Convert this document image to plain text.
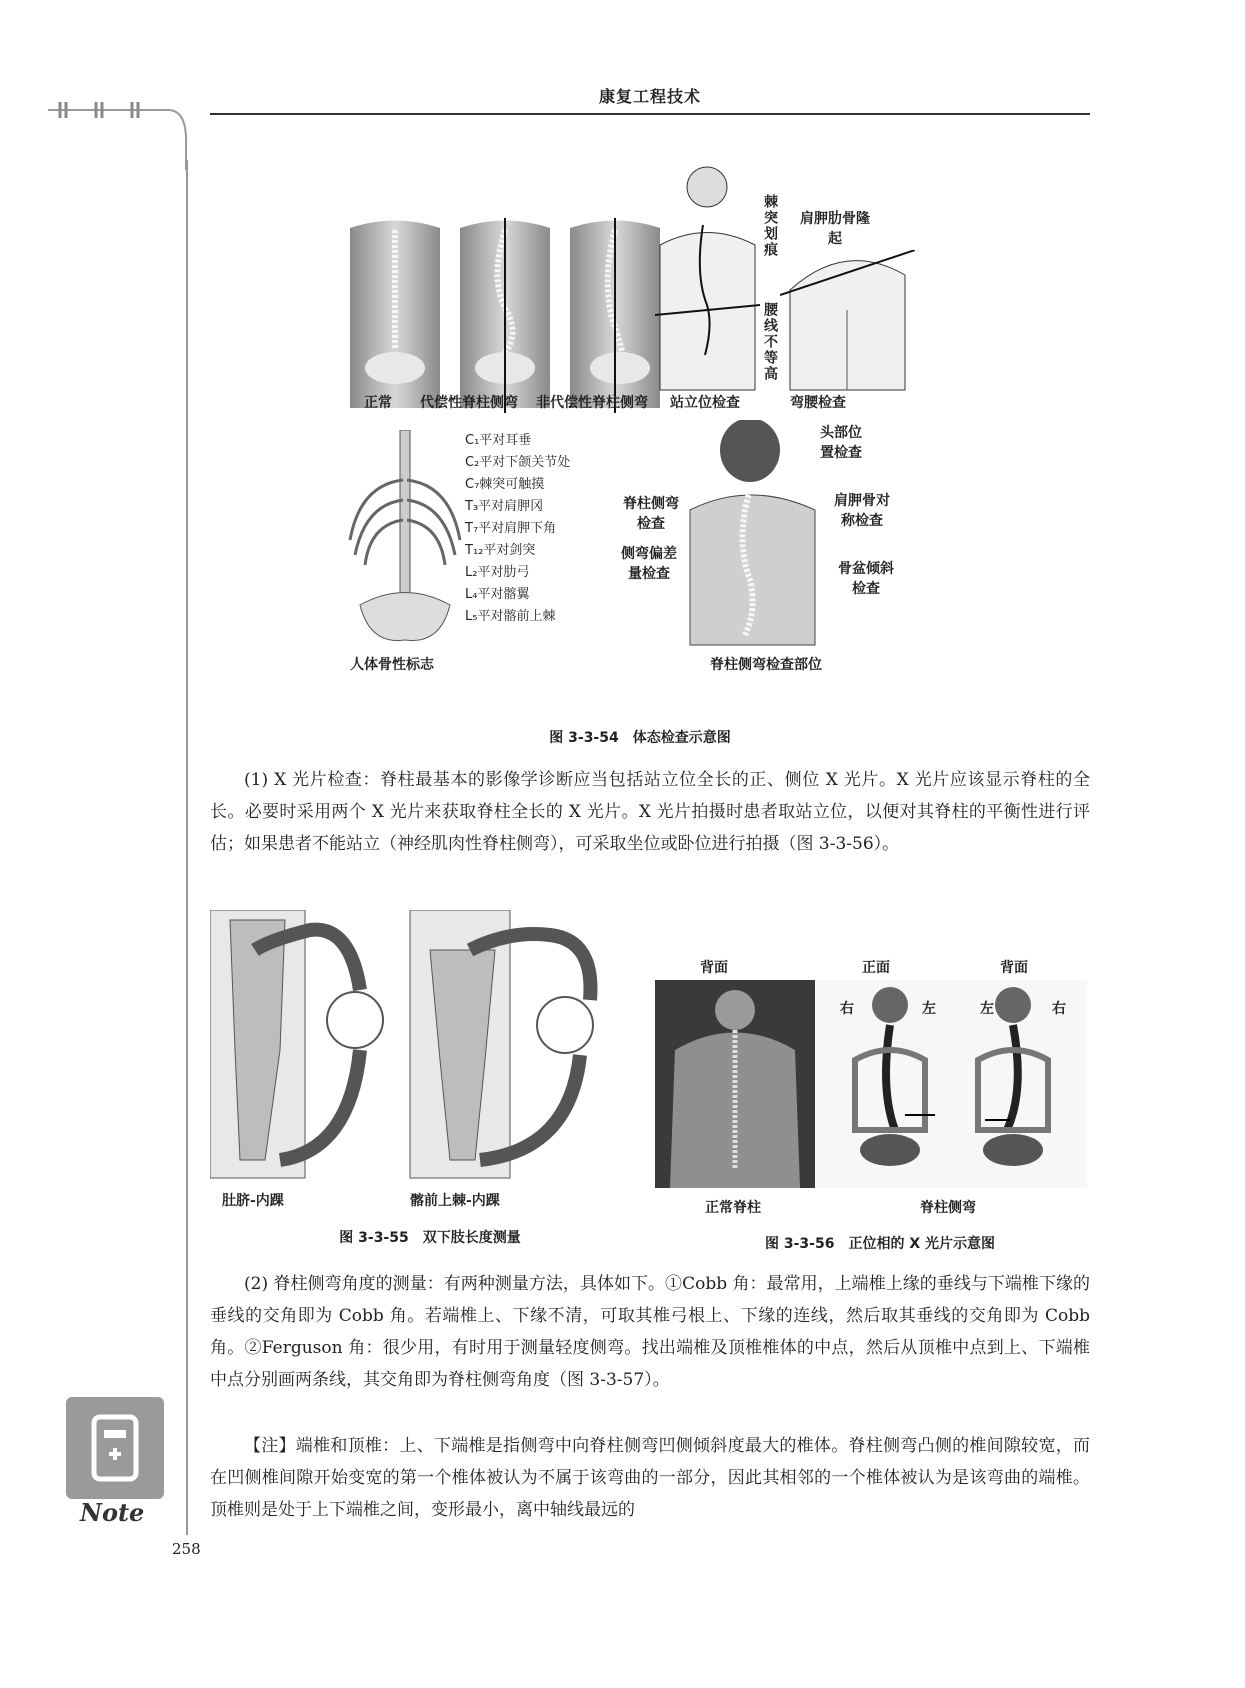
康复工程技术
棘突划痕
腰线不等高
肩胛肋骨隆起
正常 代偿性脊柱侧弯 非代偿性脊柱侧弯 站立位检查	弯腰检查
C₁平对耳垂
C₂平对下颌关节处
C₇棘突可触摸
T₃平对肩胛冈
T₇平对肩胛下角
T₁₂平对剑突
L₂平对肋弓
L₄平对髂翼
L₅平对髂前上棘
人体骨性标志
头部位置检查
脊柱侧弯检查
侧弯偏差量检查
肩胛骨对称检查
骨盆倾斜检查
脊柱侧弯检查部位
图 3-3-54　体态检查示意图
(1) X 光片检查：脊柱最基本的影像学诊断应当包括站立位全长的正、侧位 X 光片。X 光片应该显示脊柱的全长。必要时采用两个 X 光片来获取脊柱全长的 X 光片。X 光片拍摄时患者取站立位，以便对其脊柱的平衡性进行评估；如果患者不能站立（神经肌肉性脊柱侧弯），可采取坐位或卧位进行拍摄（图 3-3-56）。
肚脐-内踝	髂前上棘-内踝
图 3-3-55　双下肢长度测量
背面	正面	背面
右	左	左	右
正常脊柱	脊柱侧弯
图 3-3-56　正位相的 X 光片示意图
(2) 脊柱侧弯角度的测量：有两种测量方法，具体如下。①Cobb 角：最常用，上端椎上缘的垂线与下端椎下缘的垂线的交角即为 Cobb 角。若端椎上、下缘不清，可取其椎弓根上、下缘的连线，然后取其垂线的交角即为 Cobb 角。②Ferguson 角：很少用，有时用于测量轻度侧弯。找出端椎及顶椎椎体的中点，然后从顶椎中点到上、下端椎中点分别画两条线，其交角即为脊柱侧弯角度（图 3-3-57）。
【注】端椎和顶椎：上、下端椎是指侧弯中向脊柱侧弯凹侧倾斜度最大的椎体。脊柱侧弯凸侧的椎间隙较宽，而在凹侧椎间隙开始变宽的第一个椎体被认为不属于该弯曲的一部分，因此其相邻的一个椎体被认为是该弯曲的端椎。顶椎则是处于上下端椎之间，变形最小，离中轴线最远的
Note
258
